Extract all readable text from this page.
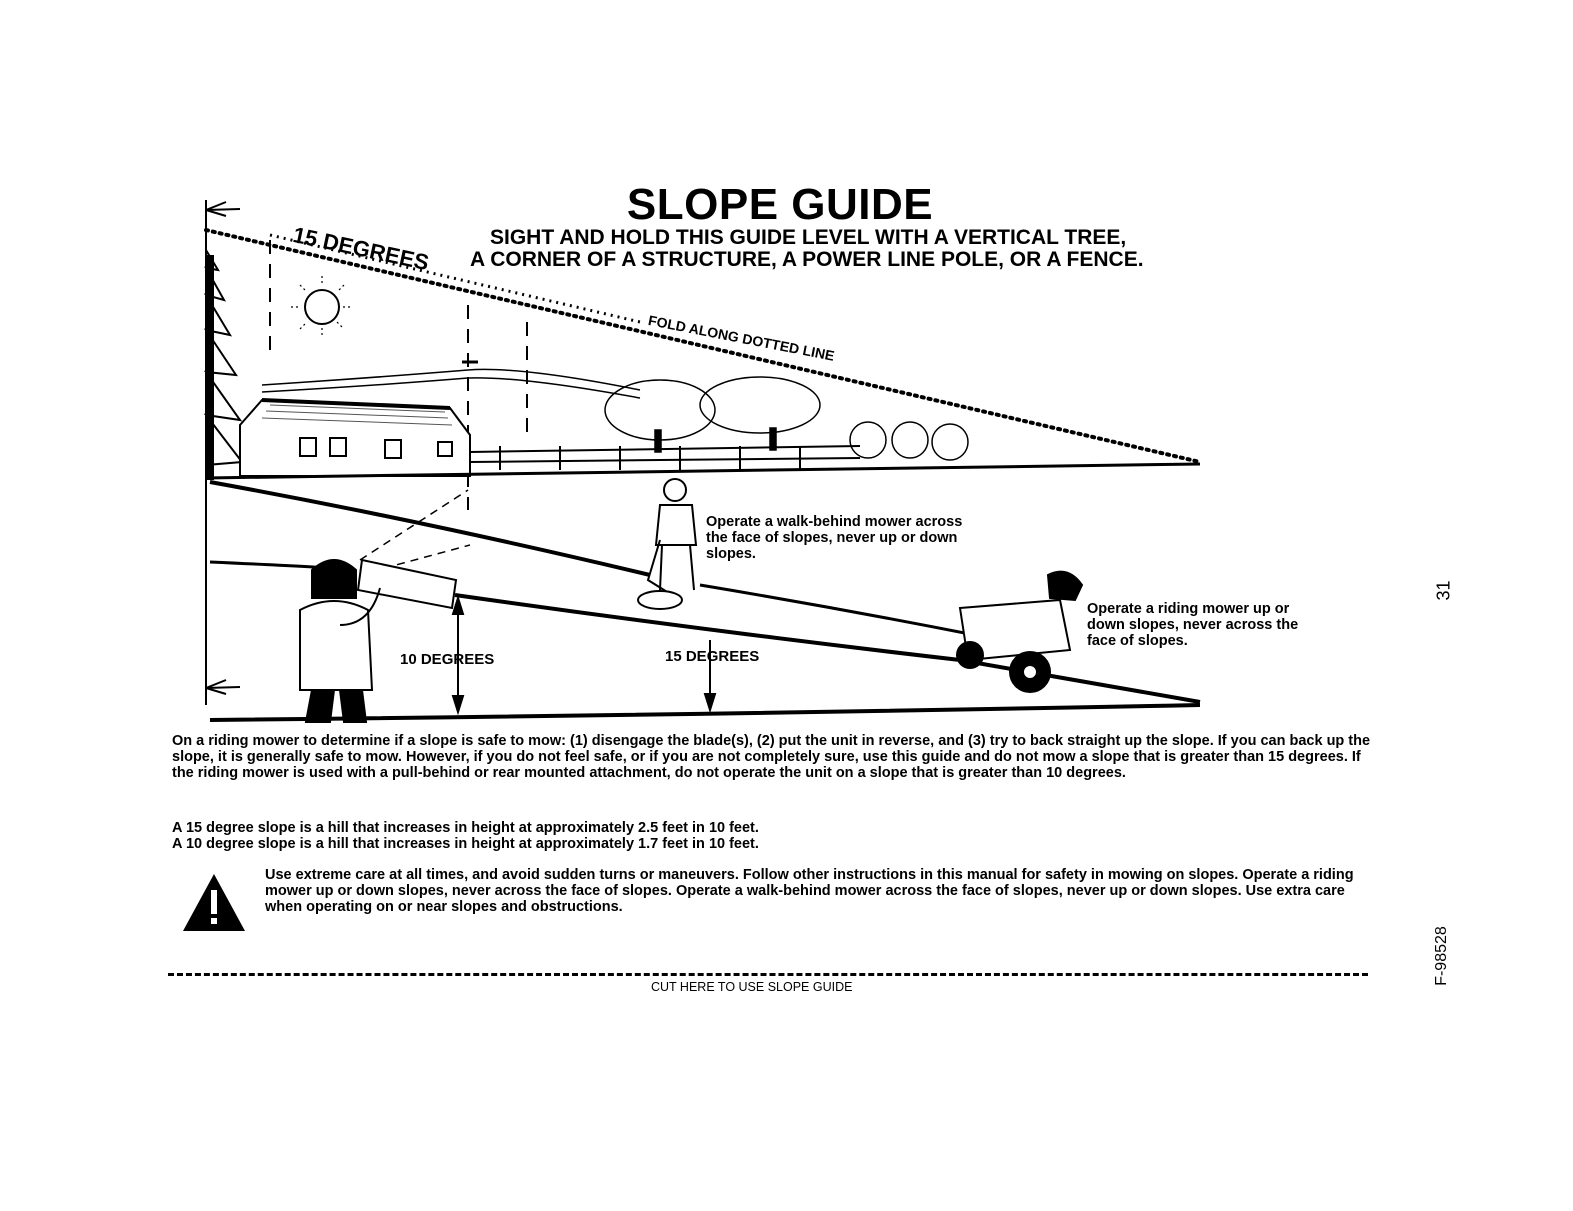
SLOPE GUIDE
SIGHT AND HOLD THIS GUIDE LEVEL WITH A VERTICAL TREE,
A CORNER OF A STRUCTURE, A POWER LINE POLE, OR A FENCE.
15 DEGREES
FOLD ALONG DOTTED LINE
Operate a walk-behind mower across the face of slopes, never up or down slopes.
Operate a riding mower up or down slopes, never across the face of slopes.
10 DEGREES	15 DEGREES
On a riding mower to determine if a slope is safe to mow: (1) disengage the blade(s), (2) put the unit in reverse, and (3) try to back straight up the slope. If you can back up the slope, it is generally safe to mow. However, if you do not feel safe, or if you are not completely sure, use this guide and do not mow a slope that is greater than 15 degrees. If the riding mower is used with a pull-behind or rear mounted attachment, do not operate the unit on a slope that is greater than 10 degrees.
A 15 degree slope is a hill that increases in height at approximately 2.5 feet in 10 feet.
A 10 degree slope is a hill that increases in height at approximately 1.7 feet in 10 feet.
Use extreme care at all times, and avoid sudden turns or maneuvers. Follow other instructions in this manual for safety in mowing on slopes. Operate a riding mower up or down slopes, never across the face of slopes. Operate a walk-behind mower across the face of slopes, never up or down slopes. Use extra care when operating on or near slopes and obstructions.
CUT HERE TO USE SLOPE GUIDE
31
F-98528
